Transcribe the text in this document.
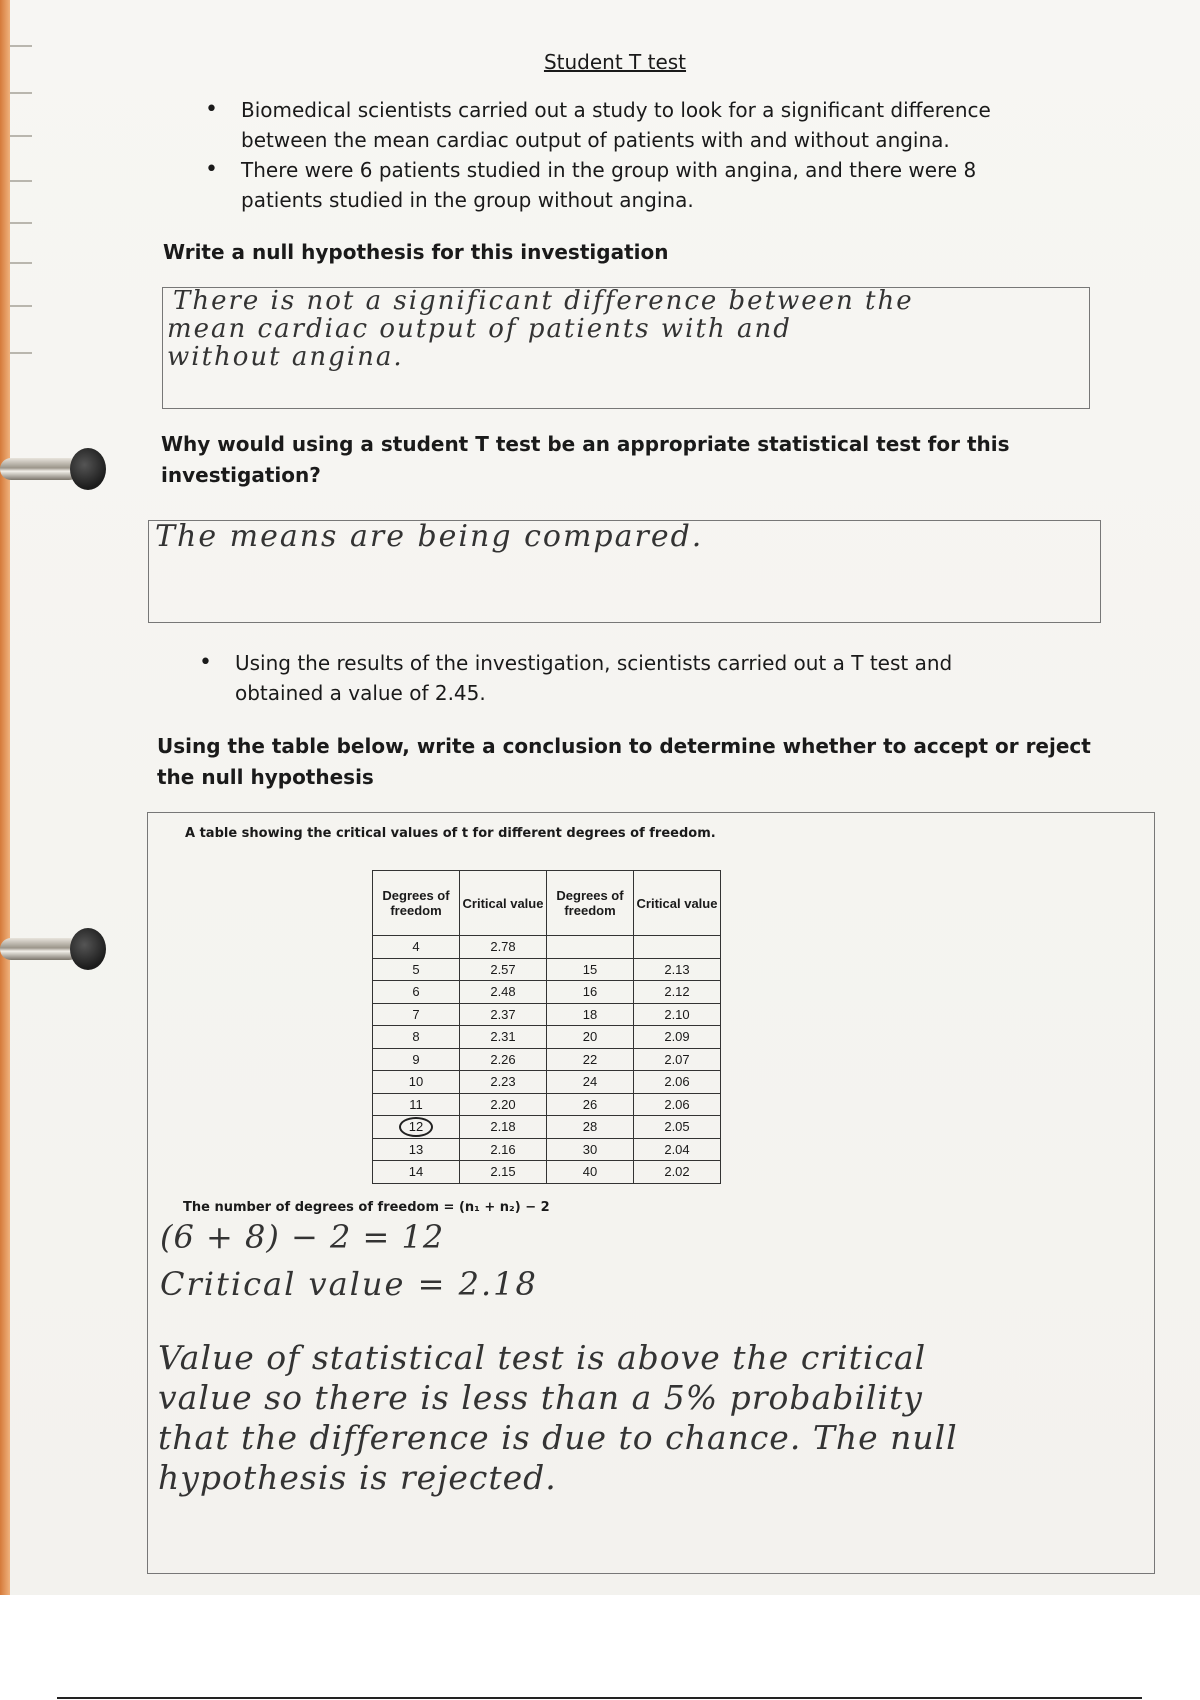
Student T test
• Biomedical scientists carried out a study to look for a significant difference between the mean cardiac output of patients with and without angina.
• There were 6 patients studied in the group with angina, and there were 8 patients studied in the group without angina.
Write a null hypothesis for this investigation
There is not a significant difference between the
mean cardiac output of patients with and
without angina.
Why would using a student T test be an appropriate statistical test for this investigation?
The means are being compared.
• Using the results of the investigation, scientists carried out a T test and obtained a value of 2.45.
Using the table below, write a conclusion to determine whether to accept or reject the null hypothesis
A table showing the critical values of t for different degrees of freedom.
Degrees of freedom	Critical value	Degrees of freedom	Critical value
4	2.78		
5	2.57	15	2.13
6	2.48	16	2.12
7	2.37	18	2.10
8	2.31	20	2.09
9	2.26	22	2.07
10	2.23	24	2.06
11	2.20	26	2.06
12	2.18	28	2.05
13	2.16	30	2.04
14	2.15	40	2.02
The number of degrees of freedom = (n₁ + n₂) − 2
(6 + 8) − 2 = 12
Critical value = 2.18
Value of statistical test is above the critical
value so there is less than a 5% probability
that the difference is due to chance. The null
hypothesis is rejected.
